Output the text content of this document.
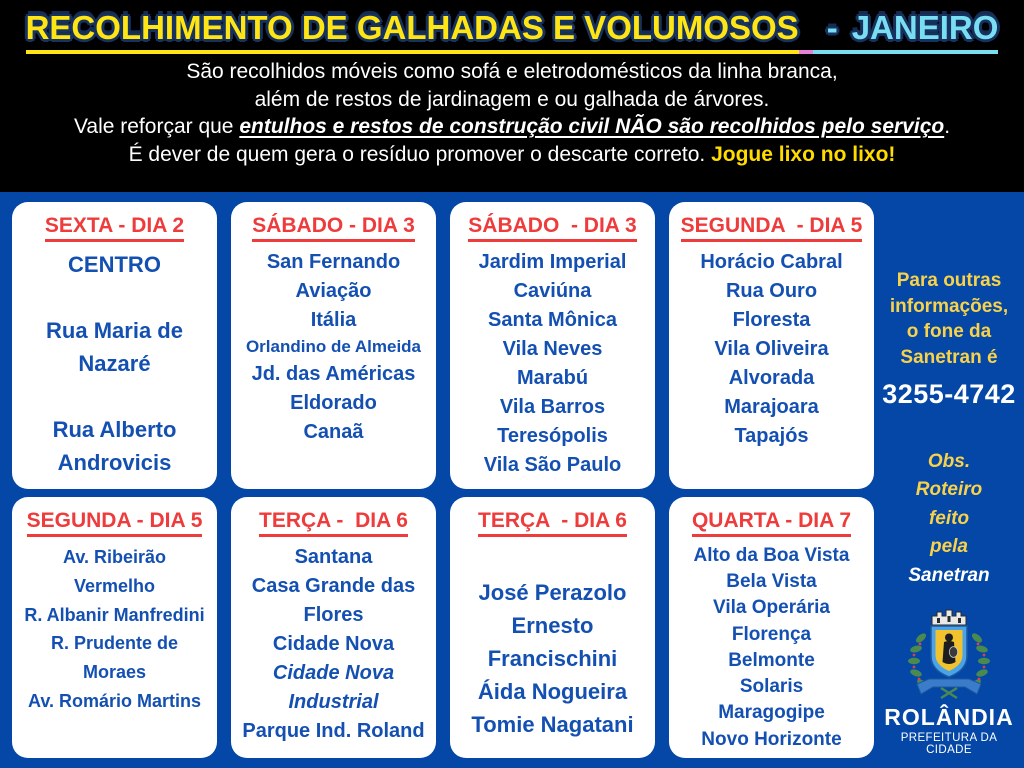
RECOLHIMENTO DE GALHADAS E VOLUMOSOS - JANEIRO
São recolhidos móveis como sofá e eletrodomésticos da linha branca,
além de restos de jardinagem e ou galhada de árvores.
Vale reforçar que entulhos e restos de construção civil NÃO são recolhidos pelo serviço.
É dever de quem gera o resíduo promover o descarte correto. Jogue lixo no lixo!
SEXTA - DIA 2
CENTRO
Rua Maria de Nazaré
Rua Alberto Androvicis
SÁBADO - DIA 3
San Fernando
Aviação
Itália
Orlandino de Almeida
Jd. das Américas
Eldorado
Canaã
SÁBADO  - DIA 3
Jardim Imperial
Caviúna
Santa Mônica
Vila Neves
Marabú
Vila Barros
Teresópolis
Vila São Paulo
SEGUNDA  - DIA 5
Horácio Cabral
Rua Ouro
Floresta
Vila Oliveira
Alvorada
Marajoara
Tapajós
SEGUNDA - DIA 5
Av. Ribeirão Vermelho
R. Albanir Manfredini
R. Prudente de Moraes
Av. Romário Martins
TERÇA -  DIA 6
Santana
Casa Grande das Flores
Cidade Nova
Cidade Nova Industrial
Parque Ind. Roland
TERÇA  - DIA 6
José Perazolo
Ernesto Francischini
Áida Nogueira
Tomie Nagatani
QUARTA - DIA 7
Alto da Boa Vista
Bela Vista
Vila Operária
Florença
Belmonte
Solaris
Maragogipe
Novo Horizonte
Para outras informações, o fone da Sanetran é
3255-4742
Obs.
Roteiro
feito
pela
Sanetran
ROLÂNDIA
PREFEITURA DA CIDADE
